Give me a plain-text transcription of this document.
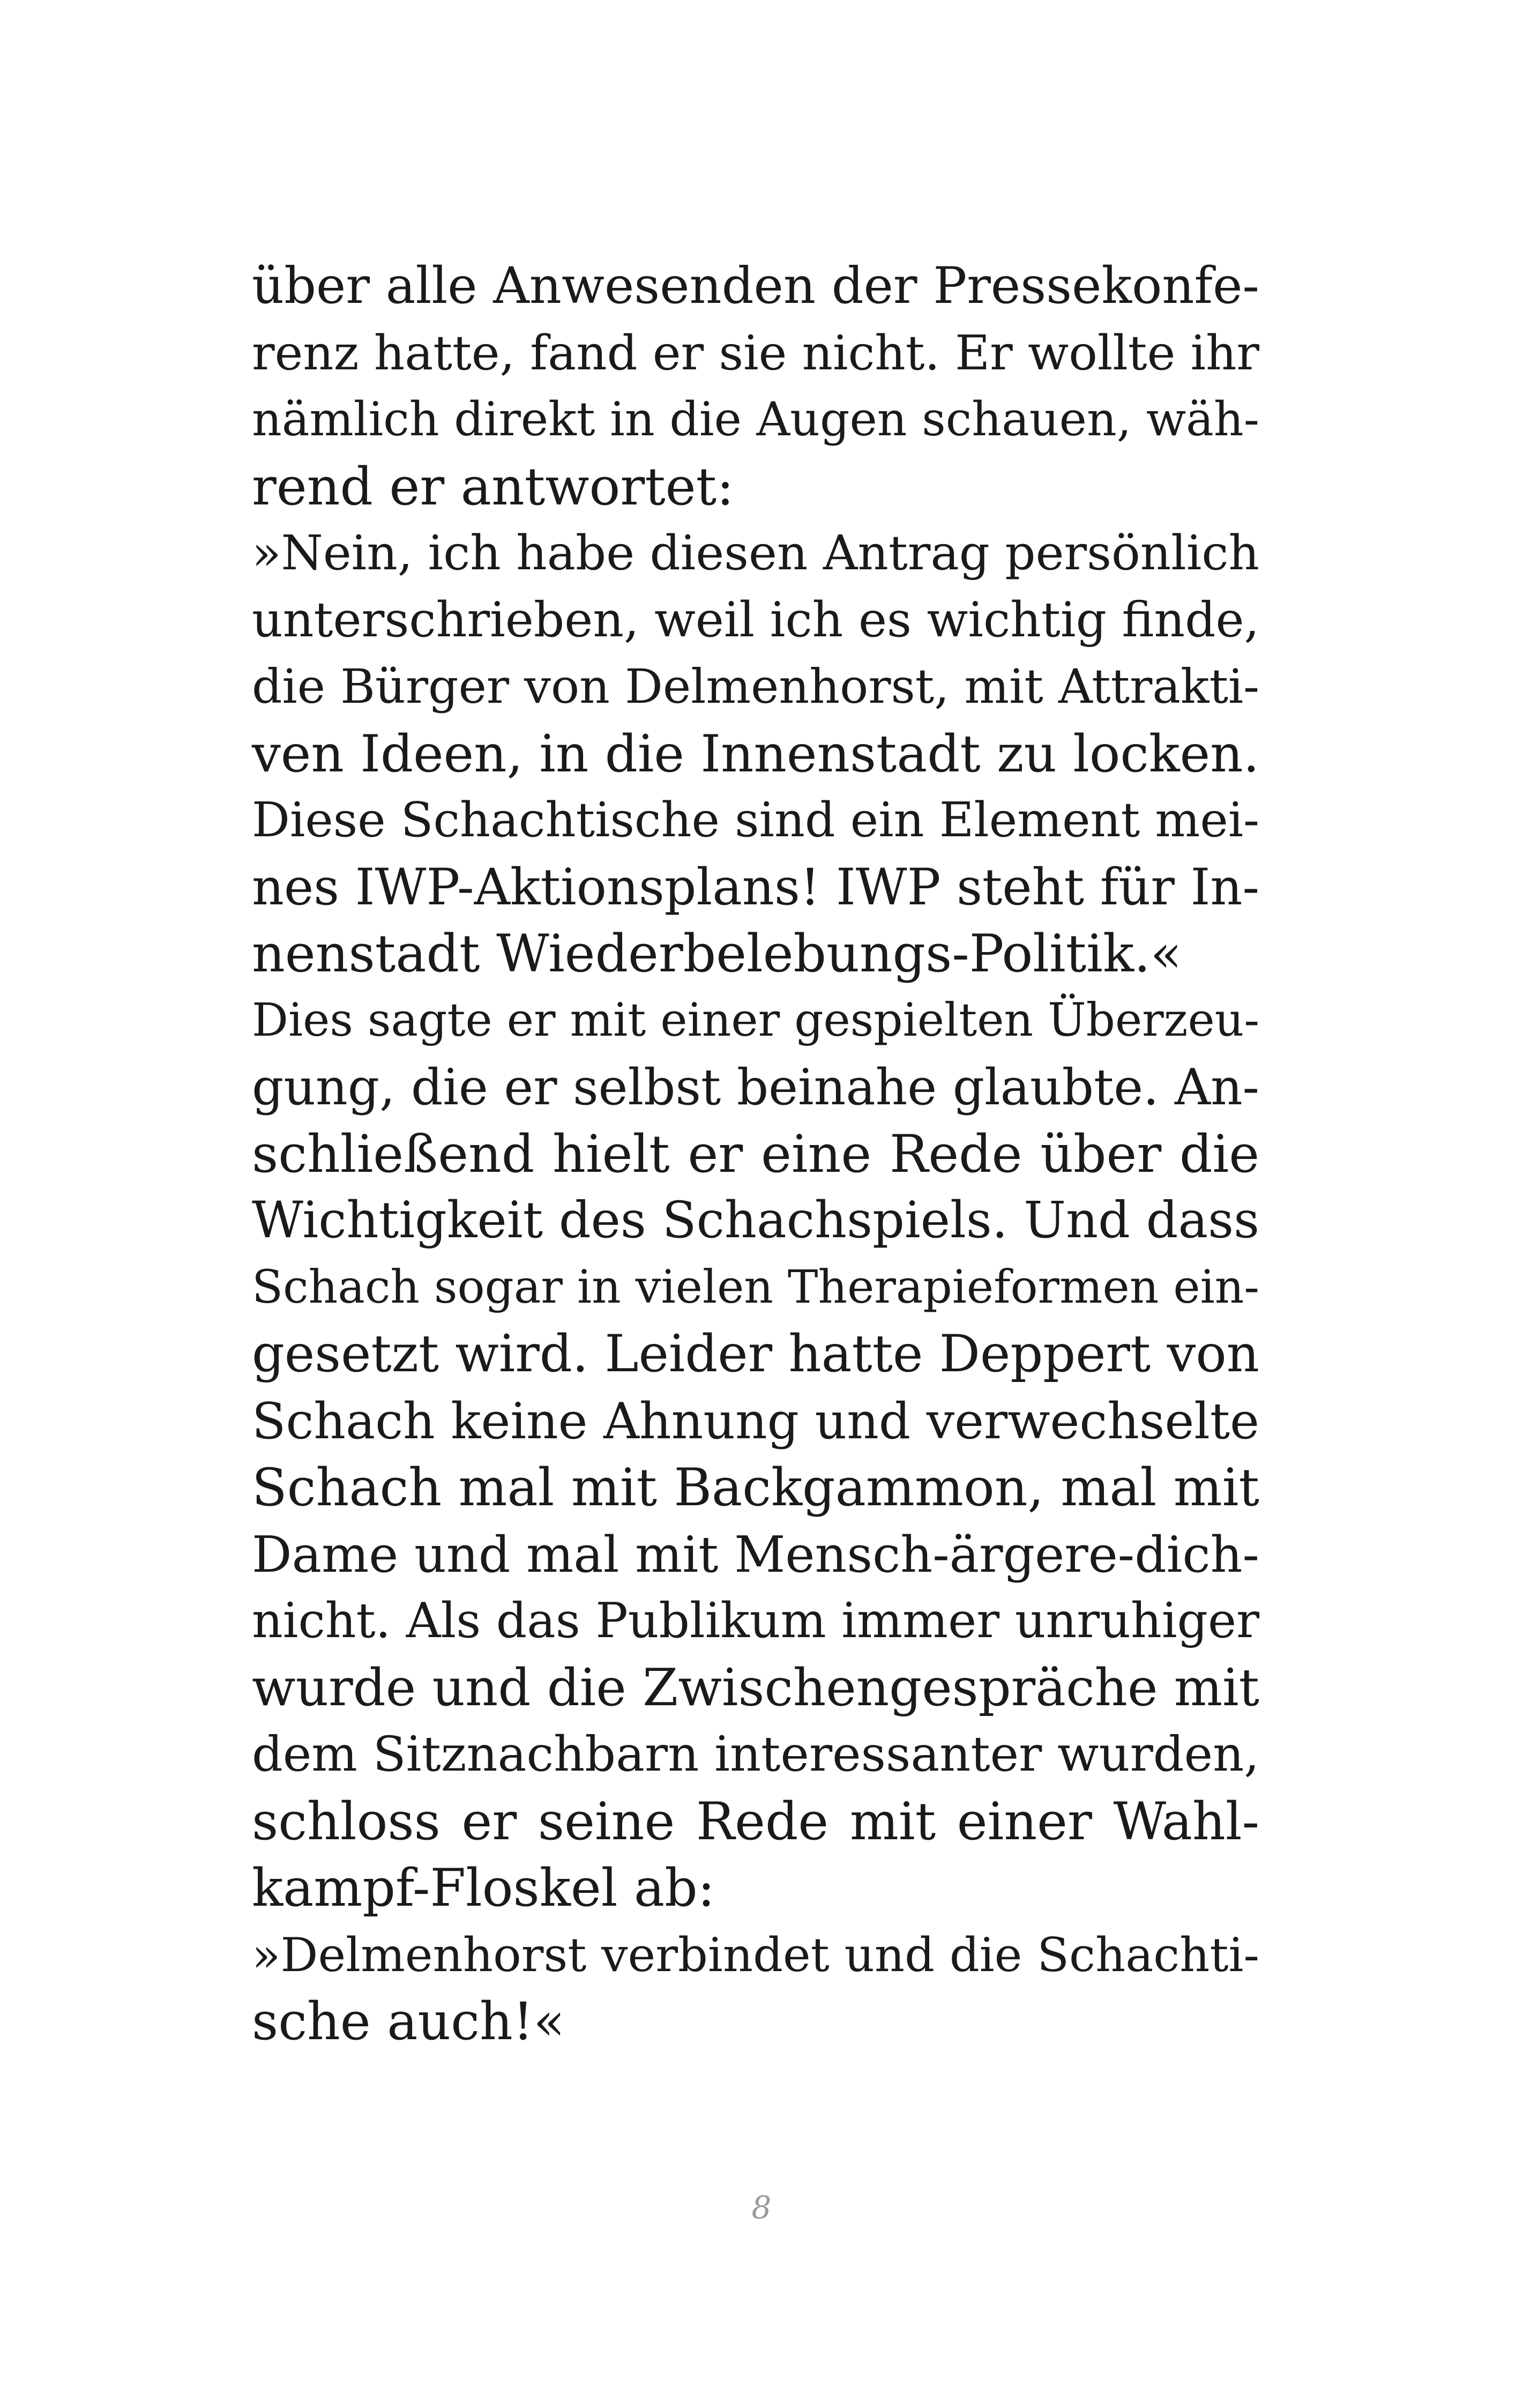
über alle Anwesenden der Pressekonfe-
renz hatte, fand er sie nicht. Er wollte ihr
nämlich direkt in die Augen schauen, wäh-
rend er antwortet:
»Nein, ich habe diesen Antrag persönlich
unterschrieben, weil ich es wichtig finde,
die Bürger von Delmenhorst, mit Attrakti-
ven Ideen, in die Innenstadt zu locken.
Diese Schachtische sind ein Element mei-
nes IWP-Aktionsplans! IWP steht für In-
nenstadt Wiederbelebungs-Politik.«
Dies sagte er mit einer gespielten Überzeu-
gung, die er selbst beinahe glaubte. An-
schließend hielt er eine Rede über die
Wichtigkeit des Schachspiels. Und dass
Schach sogar in vielen Therapieformen ein-
gesetzt wird. Leider hatte Deppert von
Schach keine Ahnung und verwechselte
Schach mal mit Backgammon, mal mit
Dame und mal mit Mensch-ärgere-dich-
nicht. Als das Publikum immer unruhiger
wurde und die Zwischengespräche mit
dem Sitznachbarn interessanter wurden,
schloss er seine Rede mit einer Wahl-
kampf-Floskel ab:
»Delmenhorst verbindet und die Schachti-
sche auch!«
8
